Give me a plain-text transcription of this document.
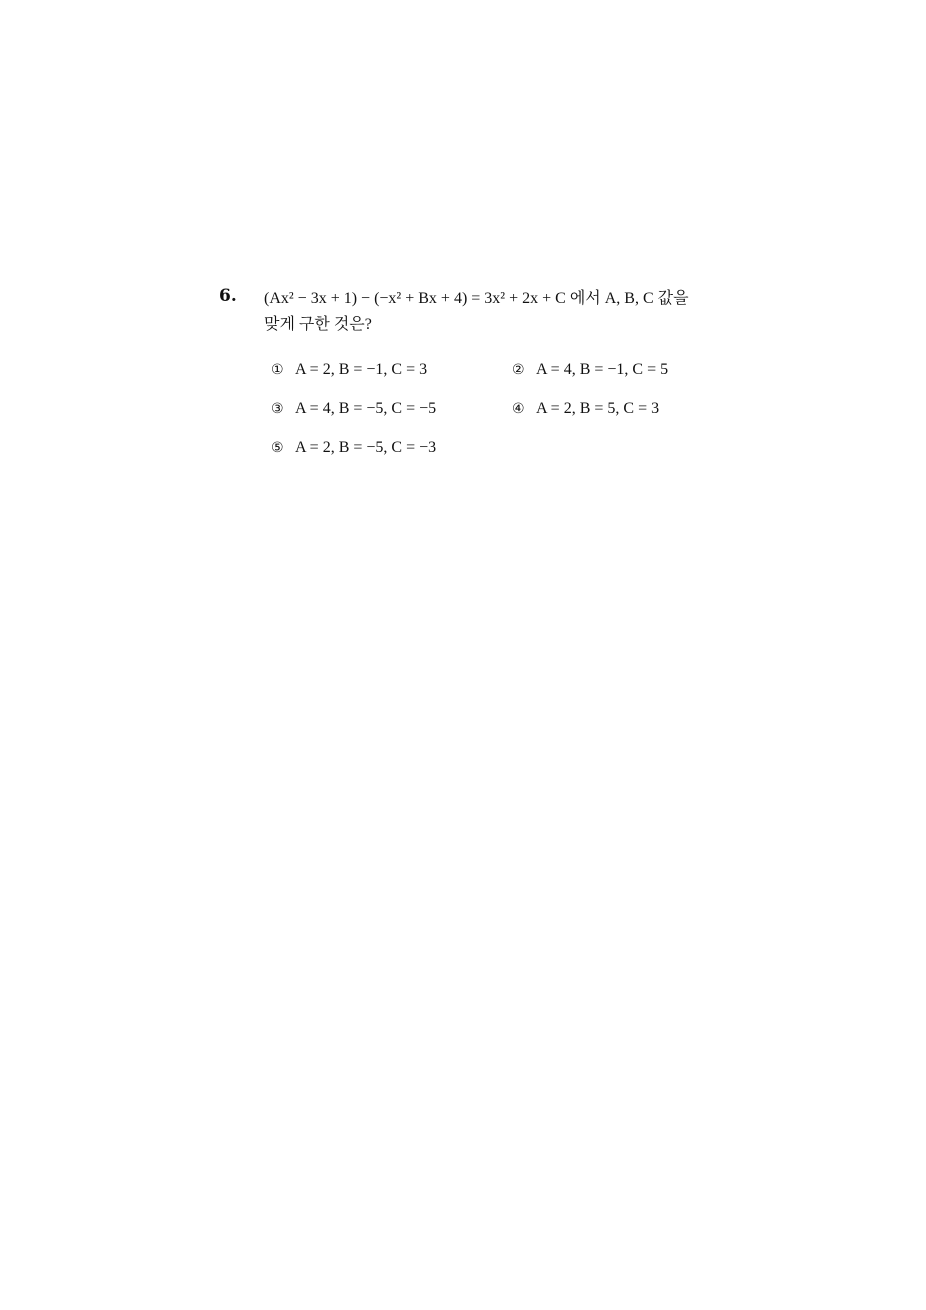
6. (Ax² − 3x + 1) − (−x² + Bx + 4) = 3x² + 2x + C 에서 A, B, C 값을
맞게 구한 것은?
① A = 2, B = −1, C = 3	② A = 4, B = −1, C = 5
③ A = 4, B = −5, C = −5	④ A = 2, B = 5, C = 3
⑤ A = 2, B = −5, C = −3
